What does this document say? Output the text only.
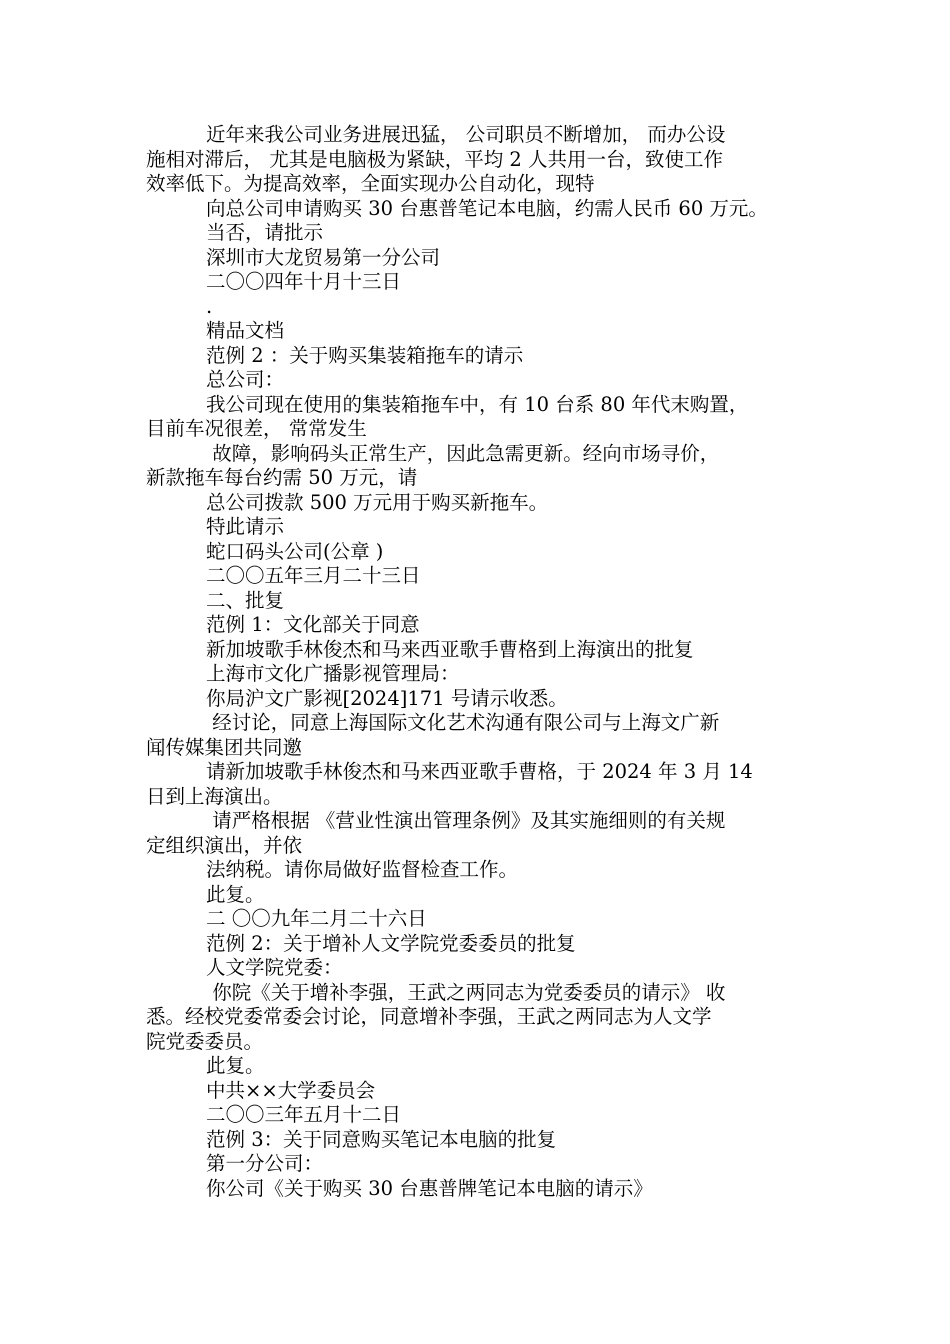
近年来我公司业务进展迅猛， 公司职员不断增加， 而办公设
施相对滞后， 尤其是电脑极为紧缺，平均 2 人共用一台，致使工作
效率低下。为提高效率，全面实现办公自动化，现特
向总公司申请购买 30 台惠普笔记本电脑，约需人民币 60 万元。
当否，请批示
深圳市大龙贸易第一分公司
二〇〇四年十月十三日
.
精品文档
范例 2 ：关于购买集装箱拖车的请示
总公司：
我公司现在使用的集装箱拖车中，有 10 台系 80 年代末购置，
目前车况很差， 常常发生
故障，影响码头正常生产，因此急需更新。经向市场寻价，
新款拖车每台约需 50 万元，请
总公司拨款 500 万元用于购买新拖车。
特此请示
蛇口码头公司(公章 )
二〇〇五年三月二十三日
二、批复
范例 1：文化部关于同意
新加坡歌手林俊杰和马来西亚歌手曹格到上海演出的批复
上海市文化广播影视管理局：
你局沪文广影视[2024]171 号请示收悉。
经讨论，同意上海国际文化艺术沟通有限公司与上海文广新
闻传媒集团共同邀
请新加坡歌手林俊杰和马来西亚歌手曹格，于 2024 年 3 月 14
日到上海演出。
请严格根据 《营业性演出管理条例》及其实施细则的有关规
定组织演出，并依
法纳税。请你局做好监督检查工作。
此复。
二 〇〇九年二月二十六日
范例 2：关于增补人文学院党委委员的批复
人文学院党委：
你院《关于增补李强，王武之两同志为党委委员的请示》 收
悉。经校党委常委会讨论，同意增补李强，王武之两同志为人文学
院党委委员。
此复。
中共××大学委员会
二〇〇三年五月十二日
范例 3：关于同意购买笔记本电脑的批复
第一分公司：
你公司《关于购买 30 台惠普牌笔记本电脑的请示》
